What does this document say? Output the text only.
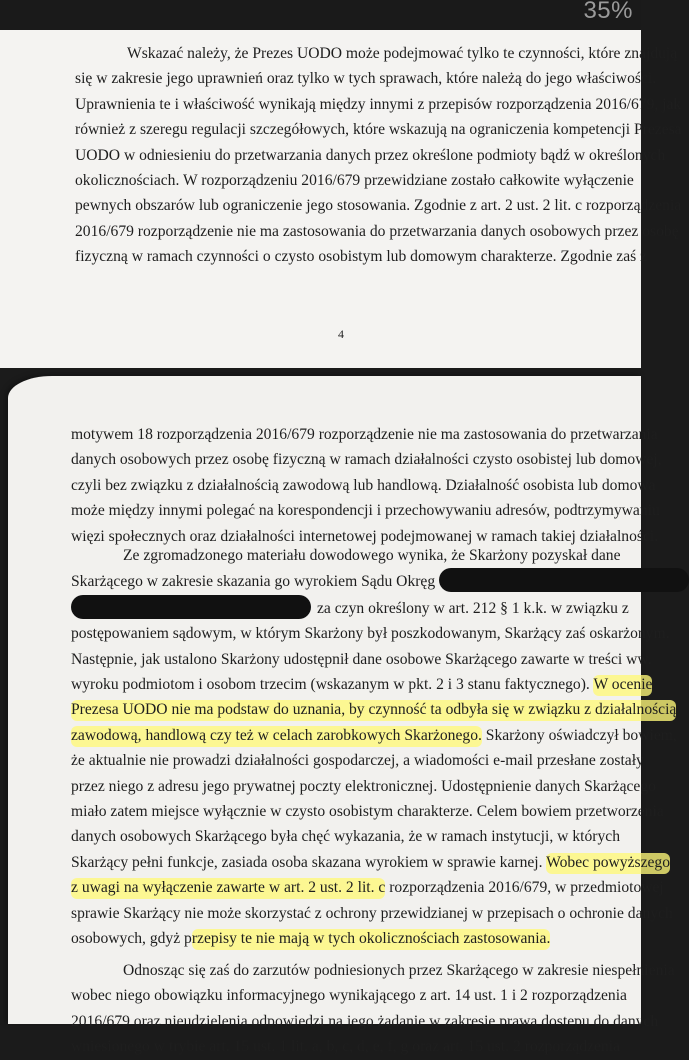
35%
Wskazać należy, że Prezes UODO może podejmować tylko te czynności, które znajdują
się w zakresie jego uprawnień oraz tylko w tych sprawach, które należą do jego właściwości.
Uprawnienia te i właściwość wynikają między innymi z przepisów rozporządzenia 2016/679, jak
również z szeregu regulacji szczegółowych, które wskazują na ograniczenia kompetencji Prezesa
UODO w odniesieniu do przetwarzania danych przez określone podmioty bądź w określonych
okolicznościach. W rozporządzeniu 2016/679 przewidziane zostało całkowite wyłączenie
pewnych obszarów lub ograniczenie jego stosowania. Zgodnie z art. 2 ust. 2 lit. c rozporządzenia
2016/679 rozporządzenie nie ma zastosowania do przetwarzania danych osobowych przez osobę
fizyczną w ramach czynności o czysto osobistym lub domowym charakterze. Zgodnie zaś z
4
motywem 18 rozporządzenia 2016/679 rozporządzenie nie ma zastosowania do przetwarzania
danych osobowych przez osobę fizyczną w ramach działalności czysto osobistej lub domowej,
czyli bez związku z działalnością zawodową lub handlową. Działalność osobista lub domowa
może między innymi polegać na korespondencji i przechowywaniu adresów, podtrzymywaniu
więzi społecznych oraz działalności internetowej podejmowanej w ramach takiej działalności.
Ze zgromadzonego materiału dowodowego wynika, że Skarżony pozyskał dane
Skarżącego w zakresie skazania go wyrokiem Sądu Okręg
za czyn określony w art. 212 § 1 k.k. w związku z
postępowaniem sądowym, w którym Skarżony był poszkodowanym, Skarżący zaś oskarżonym.
Następnie, jak ustalono Skarżony udostępnił dane osobowe Skarżącego zawarte w treści ww.
wyroku podmiotom i osobom trzecim (wskazanym w pkt. 2 i 3 stanu faktycznego). W ocenie
Prezesa UODO nie ma podstaw do uznania, by czynność ta odbyła się w związku z działalnością
zawodową, handlową czy też w celach zarobkowych Skarżonego. Skarżony oświadczył bowiem,
że aktualnie nie prowadzi działalności gospodarczej, a wiadomości e-mail przesłane zostały
przez niego z adresu jego prywatnej poczty elektronicznej. Udostępnienie danych Skarżącego
miało zatem miejsce wyłącznie w czysto osobistym charakterze. Celem bowiem przetworzenia
danych osobowych Skarżącego była chęć wykazania, że w ramach instytucji, w których
Skarżący pełni funkcje, zasiada osoba skazana wyrokiem w sprawie karnej. Wobec powyższego
z uwagi na wyłączenie zawarte w art. 2 ust. 2 lit. c rozporządzenia 2016/679, w przedmiotowej
sprawie Skarżący nie może skorzystać z ochrony przewidzianej w przepisach o ochronie danych
osobowych, gdyż przepisy te nie mają w tych okolicznościach zastosowania.
Odnosząc się zaś do zarzutów podniesionych przez Skarżącego w zakresie niespełnienia
wobec niego obowiązku informacyjnego wynikającego z art. 14 ust. 1 i 2 rozporządzenia
2016/679 oraz nieudzielenia odpowiedzi na jego żądanie w zakresie prawa dostępu do danych
wniesionego w trybie art. 15 ust. 1 lit. a, b, c, d, e, f, g oraz art. 15 ust. 2 rozporządzenia
